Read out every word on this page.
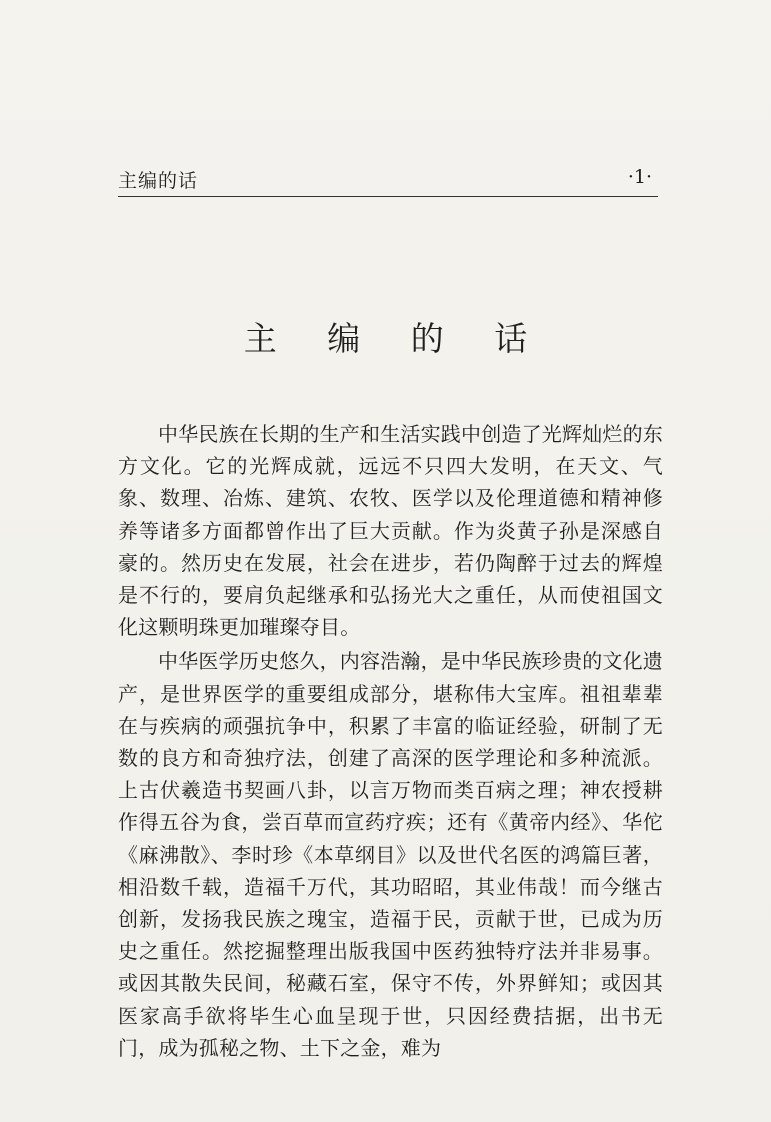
主编的话	·1·
主 编 的 话

中华民族在长期的生产和生活实践中创造了光辉灿烂的东方文化。它的光辉成就，远远不只四大发明，在天文、气象、数理、冶炼、建筑、农牧、医学以及伦理道德和精神修养等诸多方面都曾作出了巨大贡献。作为炎黄子孙是深感自豪的。然历史在发展，社会在进步，若仍陶醉于过去的辉煌是不行的，要肩负起继承和弘扬光大之重任，从而使祖国文化这颗明珠更加璀璨夺目。

中华医学历史悠久，内容浩瀚，是中华民族珍贵的文化遗产，是世界医学的重要组成部分，堪称伟大宝库。祖祖辈辈在与疾病的顽强抗争中，积累了丰富的临证经验，研制了无数的良方和奇独疗法，创建了高深的医学理论和多种流派。上古伏羲造书契画八卦，以言万物而类百病之理；神农授耕作得五谷为食，尝百草而宣药疗疾；还有《黄帝内经》、华佗《麻沸散》、李时珍《本草纲目》以及世代名医的鸿篇巨著，相沿数千载，造福千万代，其功昭昭，其业伟哉！而今继古创新，发扬我民族之瑰宝，造福于民，贡献于世，已成为历史之重任。然挖掘整理出版我国中医药独特疗法并非易事。或因其散失民间，秘藏石室，保守不传，外界鲜知；或因其医家高手欲将毕生心血呈现于世，只因经费拮据，出书无门，成为孤秘之物、土下之金，难为
